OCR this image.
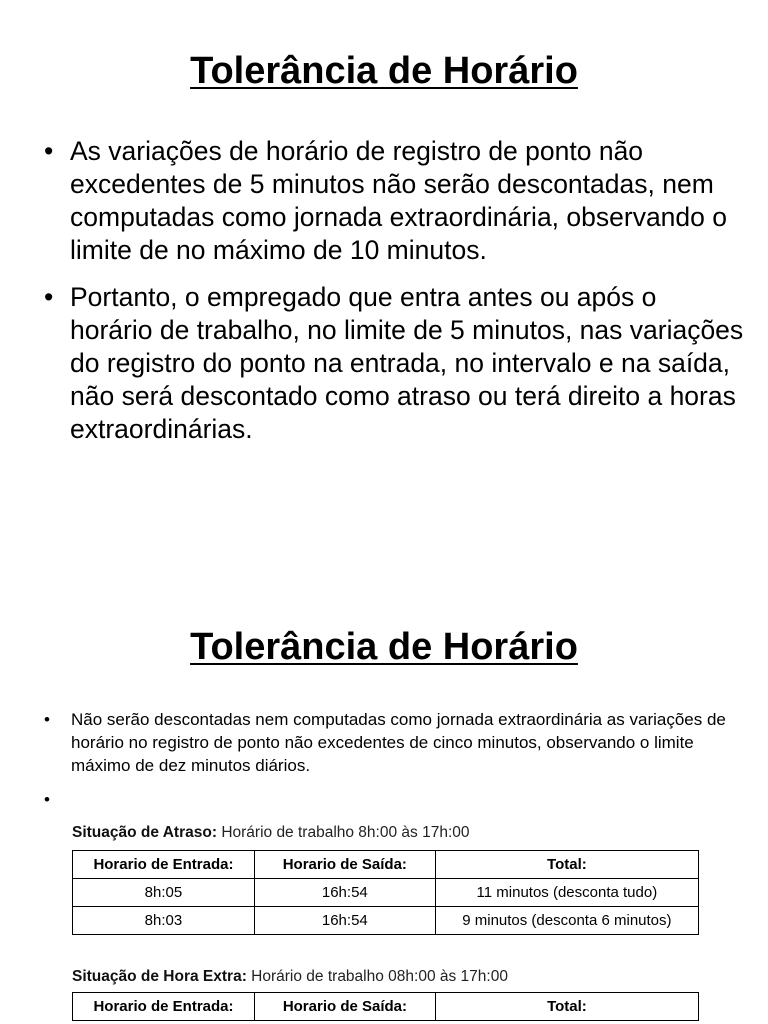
Tolerância de Horário
• As variações de horário de registro de ponto não excedentes de 5 minutos não serão descontadas, nem computadas como jornada extraordinária, observando o limite de no máximo de 10 minutos.
• Portanto, o empregado que entra antes ou após o horário de trabalho, no limite de 5 minutos, nas variações do registro do ponto na entrada, no intervalo e na saída, não será descontado como atraso ou terá direito a horas extraordinárias.
Tolerância de Horário
• Não serão descontadas nem computadas como jornada extraordinária as variações de horário no registro de ponto não excedentes de cinco minutos, observando o limite máximo de dez minutos diários.
•
Situação de Atraso: Horário de trabalho 8h:00 às 17h:00
Horario de Entrada:	Horario de Saída:	Total:
8h:05	16h:54	11 minutos (desconta tudo)
8h:03	16h:54	9 minutos (desconta 6 minutos)
Situação de Hora Extra: Horário de trabalho 08h:00 às 17h:00
Horario de Entrada:	Horario de Saída:	Total:
